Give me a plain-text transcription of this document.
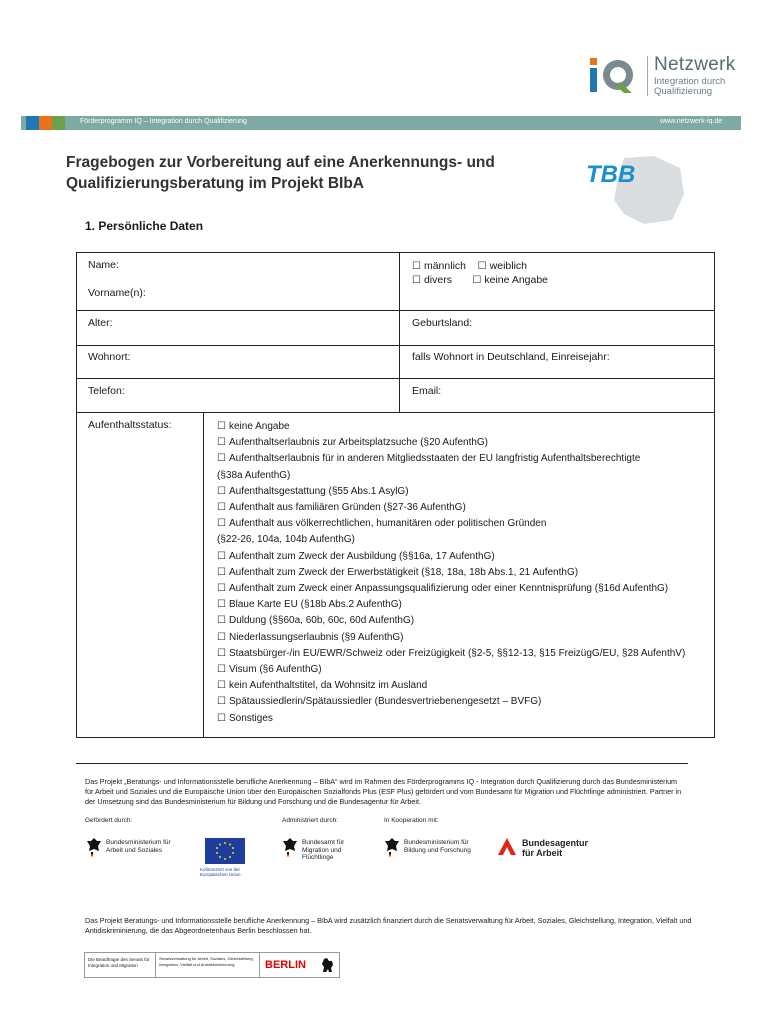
Netzwerk
Integration durch Qualifizierung
Förderprogramm IQ – Integration durch Qualifizierung	www.netzwerk-iq.de
Fragebogen zur Vorbereitung auf eine Anerkennungs- und Qualifizierungsberatung im Projekt BIbA	TBB
1. Persönliche Daten
Name:
Vorname(n):
☐ männlich ☐ weiblich
☐ divers ☐ keine Angabe
Alter:	Geburtsland:
Wohnort:	falls Wohnort in Deutschland, Einreisejahr:
Telefon:	Email:
Aufenthaltsstatus:	☐ keine Angabe
☐ Aufenthaltserlaubnis zur Arbeitsplatzsuche (§20 AufenthG)
☐ Aufenthaltserlaubnis für in anderen Mitgliedsstaaten der EU langfristig Aufenthaltsberechtigte
(§38a AufenthG)
☐ Aufenthaltsgestattung (§55 Abs.1 AsylG)
☐ Aufenthalt aus familiären Gründen (§27-36 AufenthG)
☐ Aufenthalt aus völkerrechtlichen, humanitären oder politischen Gründen
(§22-26, 104a, 104b AufenthG)
☐ Aufenthalt zum Zweck der Ausbildung (§§16a, 17 AufenthG)
☐ Aufenthalt zum Zweck der Erwerbstätigkeit (§18, 18a, 18b Abs.1, 21 AufenthG)
☐ Aufenthalt zum Zweck einer Anpassungsqualifizierung oder einer Kenntnisprüfung (§16d AufenthG)
☐ Blaue Karte EU (§18b Abs.2 AufenthG)
☐ Duldung (§§60a, 60b, 60c, 60d AufenthG)
☐ Niederlassungserlaubnis (§9 AufenthG)
☐ Staatsbürger-/in EU/EWR/Schweiz oder Freizügigkeit (§2-5, §§12-13, §15 FreizügG/EU, §28 AufenthV)
☐ Visum (§6 AufenthG)
☐ kein Aufenthaltstitel, da Wohnsitz im Ausland
☐ Spätaussiedlerin/Spätaussiedler (Bundesvertriebenengesetzt – BVFG)
☐ Sonstiges
Das Projekt „Beratungs- und Informationsstelle berufliche Anerkennung – BIbA“ wird im Rahmen des Förderprogramms IQ - Integration durch Qualifizierung durch das Bundesministerium für Arbeit und Soziales und die Europäische Union über den Europäischen Sozialfonds Plus (ESF Plus) gefördert und vom Bundesamt für Migration und Flüchtlinge administriert. Partner in der Umsetzung sind das Bundesministerium für Bildung und Forschung und die Bundesagentur für Arbeit.
Gefördert durch:	Administriert durch:	In Kooperation mit:
Bundesministerium für Arbeit und Soziales
Kofinanziert von der Europäischen Union
Bundesamt für Migration und Flüchtlinge
Bundesministerium für Bildung und Forschung
Bundesagentur für Arbeit
Das Projekt Beratungs- und Informationsstelle berufliche Anerkennung – BIbA wird zusätzlich finanziert durch die Senatsverwaltung für Arbeit, Soziales, Gleichstellung, Integration, Vielfalt und Antidiskriminierung, die das Abgeordnetenhaus Berlin beschlossen hat.
Die Beauftragte des Senats für Integration und Migration
Senatsverwaltung für Arbeit, Soziales, Gleichstellung, Integration, Vielfalt und Antidiskriminierung	BERLIN
